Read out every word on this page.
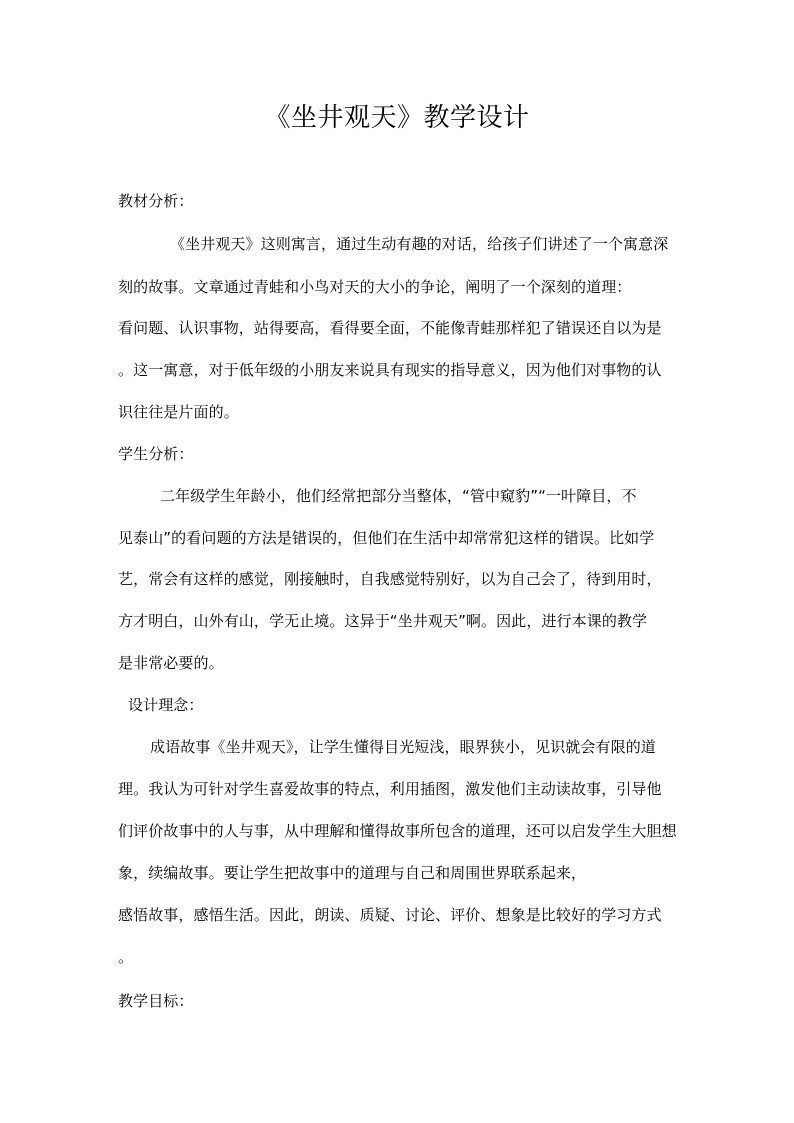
《坐井观天》教学设计
教材分析：
《坐井观天》这则寓言，通过生动有趣的对话，给孩子们讲述了一个寓意深
刻的故事。文章通过青蛙和小鸟对天的大小的争论，阐明了一个深刻的道理：
看问题、认识事物，站得要高，看得要全面，不能像青蛙那样犯了错误还自以为是
。这一寓意，对于低年级的小朋友来说具有现实的指导意义，因为他们对事物的认
识往往是片面的。
学生分析：
二年级学生年龄小，他们经常把部分当整体，“管中窥豹”“一叶障目，不
见泰山”的看问题的方法是错误的，但他们在生活中却常常犯这样的错误。比如学
艺，常会有这样的感觉，刚接触时，自我感觉特别好，以为自己会了，待到用时，
方才明白，山外有山，学无止境。这异于“坐井观天”啊。因此，进行本课的教学
是非常必要的。
设计理念：
成语故事《坐井观天》，让学生懂得目光短浅，眼界狭小，见识就会有限的道
理。我认为可针对学生喜爱故事的特点，利用插图，激发他们主动读故事，引导他
们评价故事中的人与事，从中理解和懂得故事所包含的道理，还可以启发学生大胆想
象，续编故事。要让学生把故事中的道理与自己和周围世界联系起来，
感悟故事，感悟生活。因此，朗读、质疑、讨论、评价、想象是比较好的学习方式
。
教学目标：
